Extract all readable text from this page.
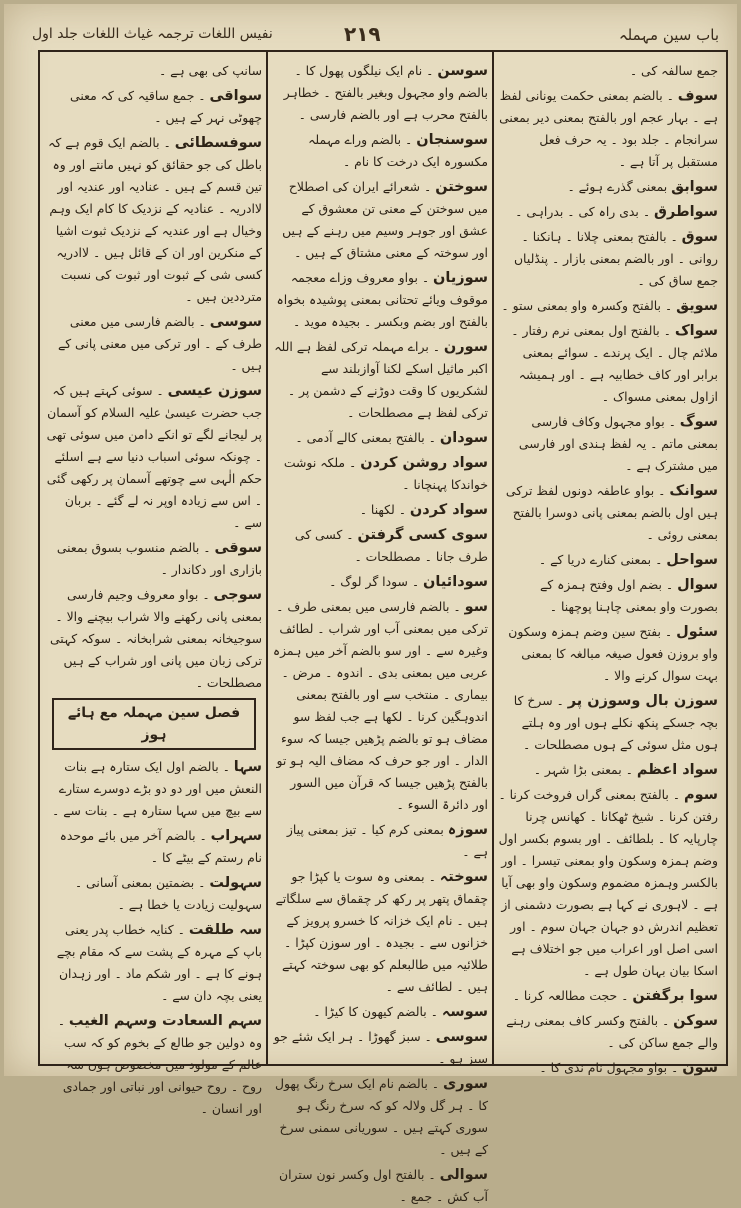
باب سین مہملہ
۲۱۹
نفیس اللغات ترجمہ غیاث اللغات جلد اول
جمع سالفہ کی ۔
سوف ۔ بالضم بمعنی حکمت یونانی لفظ ہے ۔ بہار عجم اور بالفتح بمعنی دیر بمعنی سرانجام ۔ جلد بود ۔ یہ حرف فعل مستقبل پر آتا ہے ۔
سوابق بمعنی گذرے ہوئے ۔
سواطرق ۔ بدی راہ کی ۔ بدراہی ۔
سوق ۔ بالفتح بمعنی چلانا ۔ ہانکنا ۔ روانی ۔ اور بالضم بمعنی بازار ۔ پنڈلیاں جمع ساق کی ۔
سویق ۔ بالفتح وکسرہ واو بمعنی ستو ۔
سواک ۔ بالفتح اول بمعنی نرم رفتار ۔ ملائم چال ۔ ایک پرندے ۔ سوائے بمعنی برابر اور کاف خطابیہ ہے ۔ اور ہمیشہ ازاول بمعنی مسواک ۔
سوگ ۔ بواو مجہول وکاف فارسی بمعنی ماتم ۔ یہ لفظ ہندی اور فارسی میں مشترک ہے ۔
سوانک ۔ بواو عاطفہ دونوں لفظ ترکی ہیں اول بالضم بمعنی پانی دوسرا بالفتح بمعنی روئی ۔
سواحل ۔ بمعنی کنارے دریا کے ۔
سوال ۔ بضم اول وفتح ہمزہ کے بصورت واو بمعنی چاہنا پوچھنا ۔
سئول ۔ بفتح سین وضم ہمزہ وسکون واو بروزن فعول صیغہ مبالغہ کا بمعنی بہت سوال کرنے والا ۔
سوزن بال وسوزن پر ۔ سرخ کا بچہ جسکے پنکھ نکلے ہوں اور وہ ہلتے ہوں مثل سوئی کے ہوں مصطلحات ۔
سواد اعظم ۔ بمعنی بڑا شہر ۔
سوم ۔ بالفتح بمعنی گراں فروخت کرنا ۔ رفتن کرنا ۔ شیخ ٹھکانا ۔ کھانس چرنا چارپایہ کا ۔ بلطائف ۔ اور بسوم بکسر اول وضم ہمزہ وسکون واو بمعنی تیسرا ۔ اور بالکسر وہمزہ مضموم وسکون واو بھی آیا ہے ۔ لاہوری نے کہا ہے بصورت دشمنی از تعظیم اندرش دو جہان جہان سوم ۔ اور اسی اصل اور اعراب میں جو اختلاف ہے اسکا بیان بہان طول ہے ۔
سوا برگفتن ۔ حجت مطالعہ کرنا ۔
سوکن ۔ بالفتح وکسر کاف بمعنی رہنے والے جمع ساکن کی ۔
سون ۔ بواو مجہول نام ندی کا ۔
سوسن ۔ نام ایک نیلگوں پھول کا ۔ بالضم واو مجہول وبغیر بالفتح ۔ خطاہر بالفتح محرب ہے اور بالضم فارسی ۔
سوسنجان ۔ بالضم وراے مہملہ مکسورہ ایک درخت کا نام ۔
سوختن ۔ شعرائے ایران کی اصطلاح میں سوختن کے معنی تن معشوق کے عشق اور جوہر وسیم میں رہنے کے ہیں اور سوختہ کے معنی مشتاق کے ہیں ۔
سوزیان ۔ بواو معروف وزاے معجمہ موقوف ویائے تحتانی بمعنی پوشیدہ بخواہ بالفتح اور بضم وبکسر ۔ بجیدہ موید ۔
سورن ۔ براے مہملہ ترکی لفظ ہے اللہ اکبر ماثیل اسکے لکنا آوازبلند سے لشکریوں کا وقت دوڑنے کے دشمن پر ۔ ترکی لفظ ہے مصطلحات ۔
سودان ۔ بالفتح بمعنی کالے آدمی ۔
سواد روشن کردن ۔ ملکہ نوشت خواندکا پہنچانا ۔
سواد کردن ۔ لکھنا ۔
سوی کسی گرفتن ۔ کسی کی طرف جانا ۔ مصطلحات ۔
سودائیان ۔ سودا گر لوگ ۔
سو ۔ بالضم فارسی میں بمعنی طرف ۔ ترکی میں بمعنی آب اور شراب ۔ لطائف وغیرہ سے ۔ اور سو بالضم آخر میں ہمزہ عربی میں بمعنی بدی ۔ اندوہ ۔ مرض ۔ بیماری ۔ منتخب سے اور بالفتح بمعنی اندوہگین کرنا ۔ لکھا ہے جب لفظ سو مضاف ہو تو بالضم پڑھیں جیسا کہ سوء الدار ۔ اور جو حرف کہ مضاف الیہ ہو تو بالفتح پڑھیں جیسا کہ قرآن میں السور اور دائرۃ السوء ۔
سوزہ بمعنی کرم کیا ۔ تیز بمعنی پیاز ہے ۔
سوختہ ۔ بمعنی وہ سوت یا کپڑا جو چقماق پتھر پر رکھ کر چقماق سے سلگاتے ہیں ۔ نام ایک خزانہ کا خسرو پرویز کے خزانوں سے ۔ بجیدہ ۔ اور سوزن کپڑا ۔ طلائیہ میں طالبعلم کو بھی سوختہ کہتے ہیں ۔ لطائف سے ۔
سوسہ ۔ بالضم کیھون کا کیڑا ۔
سوسی ۔ سبز گھوڑا ۔ ہر ایک شئے جو سبز ہو ۔
سوری ۔ بالضم نام ایک سرخ رنگ پھول کا ۔ ہر گل ولالہ کو کہ سرخ رنگ ہو سوری کہتے ہیں ۔ سوریانی سمنی سرخ کے ہیں ۔
سوالی ۔ بالفتح اول وکسر نون ستران آب کش ۔ جمع ۔
سانپ کی بھی ہے ۔
سواقی ۔ جمع ساقیہ کی کہ معنی چھوٹی نہر کے ہیں ۔
سوفسطائی ۔ بالضم ایک قوم ہے کہ باطل کی جو حقائق کو نہیں مانتے اور وہ تین قسم کے ہیں ۔ عنادیہ اور عندیہ اور لاادریہ ۔ عنادیہ کے نزدیک کا کام ایک وہم وخیال ہے اور عندیہ کے نزدیک ثبوت اشیا کے منکرین اور ان کے قائل ہیں ۔ لاادریہ کسی شی کے ثبوت اور ثبوت کی نسبت مترددین ہیں ۔
سوسی ۔ بالضم فارسی میں معنی طرف کے ۔ اور ترکی میں معنی پانی کے ہیں ۔
سوزن عیسی ۔ سوئی کہتے ہیں کہ جب حضرت عیسیٰ علیہ السلام کو آسمان پر لیجانے لگے تو انکے دامن میں سوئی تھی ۔ چونکہ سوئی اسباب دنیا سے ہے اسلئے حکم الٰہی سے چوتھے آسمان پر رکھی گئی ۔ اس سے زیادہ اوپر نہ لے گئے ۔ بربان سے ۔
سوقی ۔ بالضم منسوب بسوق بمعنی بازاری اور دکاندار ۔
سوجی ۔ بواو معروف وجیم فارسی بمعنی پانی رکھنے والا شراب بیچنے والا ۔ سوجیخانہ بمعنی شرابخانہ ۔ سوکہ کہتی ترکی زبان میں پانی اور شراب کے ہیں مصطلحات ۔
فصل سین مہملہ مع ہائے ہوز
سہا ۔ بالضم اول ایک ستارہ ہے بنات النعش میں اور دو دو بڑے دوسرے ستارے سے بیچ میں سہا ستارہ ہے ۔ بنات سے ۔
سہراب ۔ بالضم آخر میں بائے موحدہ نام رستم کے بیٹے کا ۔
سہولت ۔ بضمتین بمعنی آسانی ۔ سہولیت زیادت یا خطا ہے ۔
سہ طلقت ۔ کنایہ خطاب پدر یعنی باپ کے مہرہ کے پشت سے کہ مقام بچے ہونے کا ہے ۔ اور شکم ماد ۔ اور زہدان یعنی بچہ دان سے ۔
سہم السعادت وسہم الغیب ۔ وہ دولین جو طالع کے بخوم کو کہ سب عالم کے مولود میں مخصوص ہوں سہ روح ۔ روح حیوانی اور نباتی اور جمادی اور انسان ۔
